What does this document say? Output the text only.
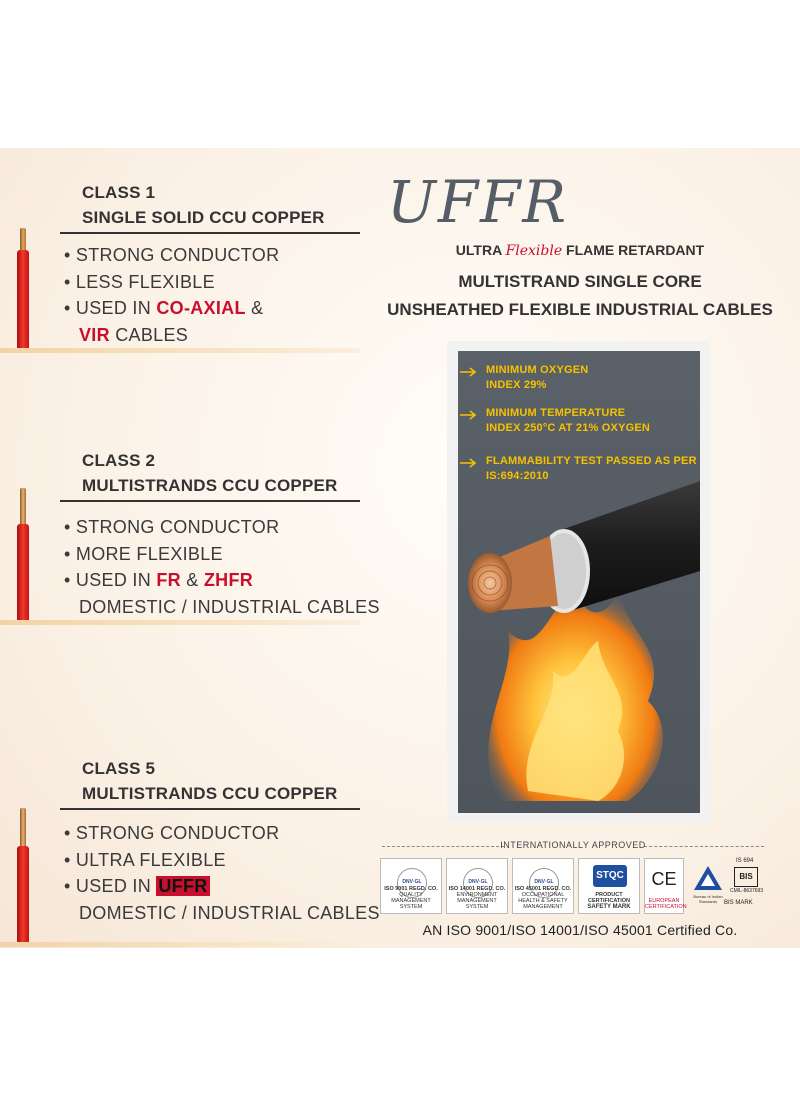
CLASS 1
SINGLE SOLID CCU COPPER
• STRONG CONDUCTOR
• LESS FLEXIBLE
• USED IN CO-AXIAL &
VIR CABLES
CLASS 2
MULTISTRANDS CCU COPPER
• STRONG CONDUCTOR
• MORE FLEXIBLE
• USED IN FR & ZHFR
DOMESTIC / INDUSTRIAL CABLES
CLASS 5
MULTISTRANDS CCU COPPER
• STRONG CONDUCTOR
• ULTRA FLEXIBLE
• USED IN UFFR
DOMESTIC / INDUSTRIAL CABLES
UFFR
ULTRA Flexible FLAME RETARDANT
MULTISTRAND SINGLE CORE
UNSHEATHED FLEXIBLE INDUSTRIAL CABLES
MINIMUM OXYGEN
INDEX 29%
MINIMUM TEMPERATURE
INDEX 250°C AT 21% OXYGEN
FLAMMABILITY TEST PASSED AS PER
IS:694:2010
INTERNATIONALLY APPROVED
DNV·GL
ISO 9001 REGD. CO.
QUALITY MANAGEMENT SYSTEM
DNV·GL
ISO 14001 REGD. CO.
ENVIRONMENT MANAGEMENT SYSTEM
DNV·GL
ISO 45001 REGD. CO.
OCCUPATIONAL HEALTH & SAFETY MANAGEMENT
STQC
PRODUCT CERTIFICATION
SAFETY MARK
CE
EUROPEAN
CERTIFICATION
Bureau of Indian Standards
IS 694
BIS
CM/L-8637693
BIS MARK
AN ISO 9001/ISO 14001/ISO 45001 Certified Co.
